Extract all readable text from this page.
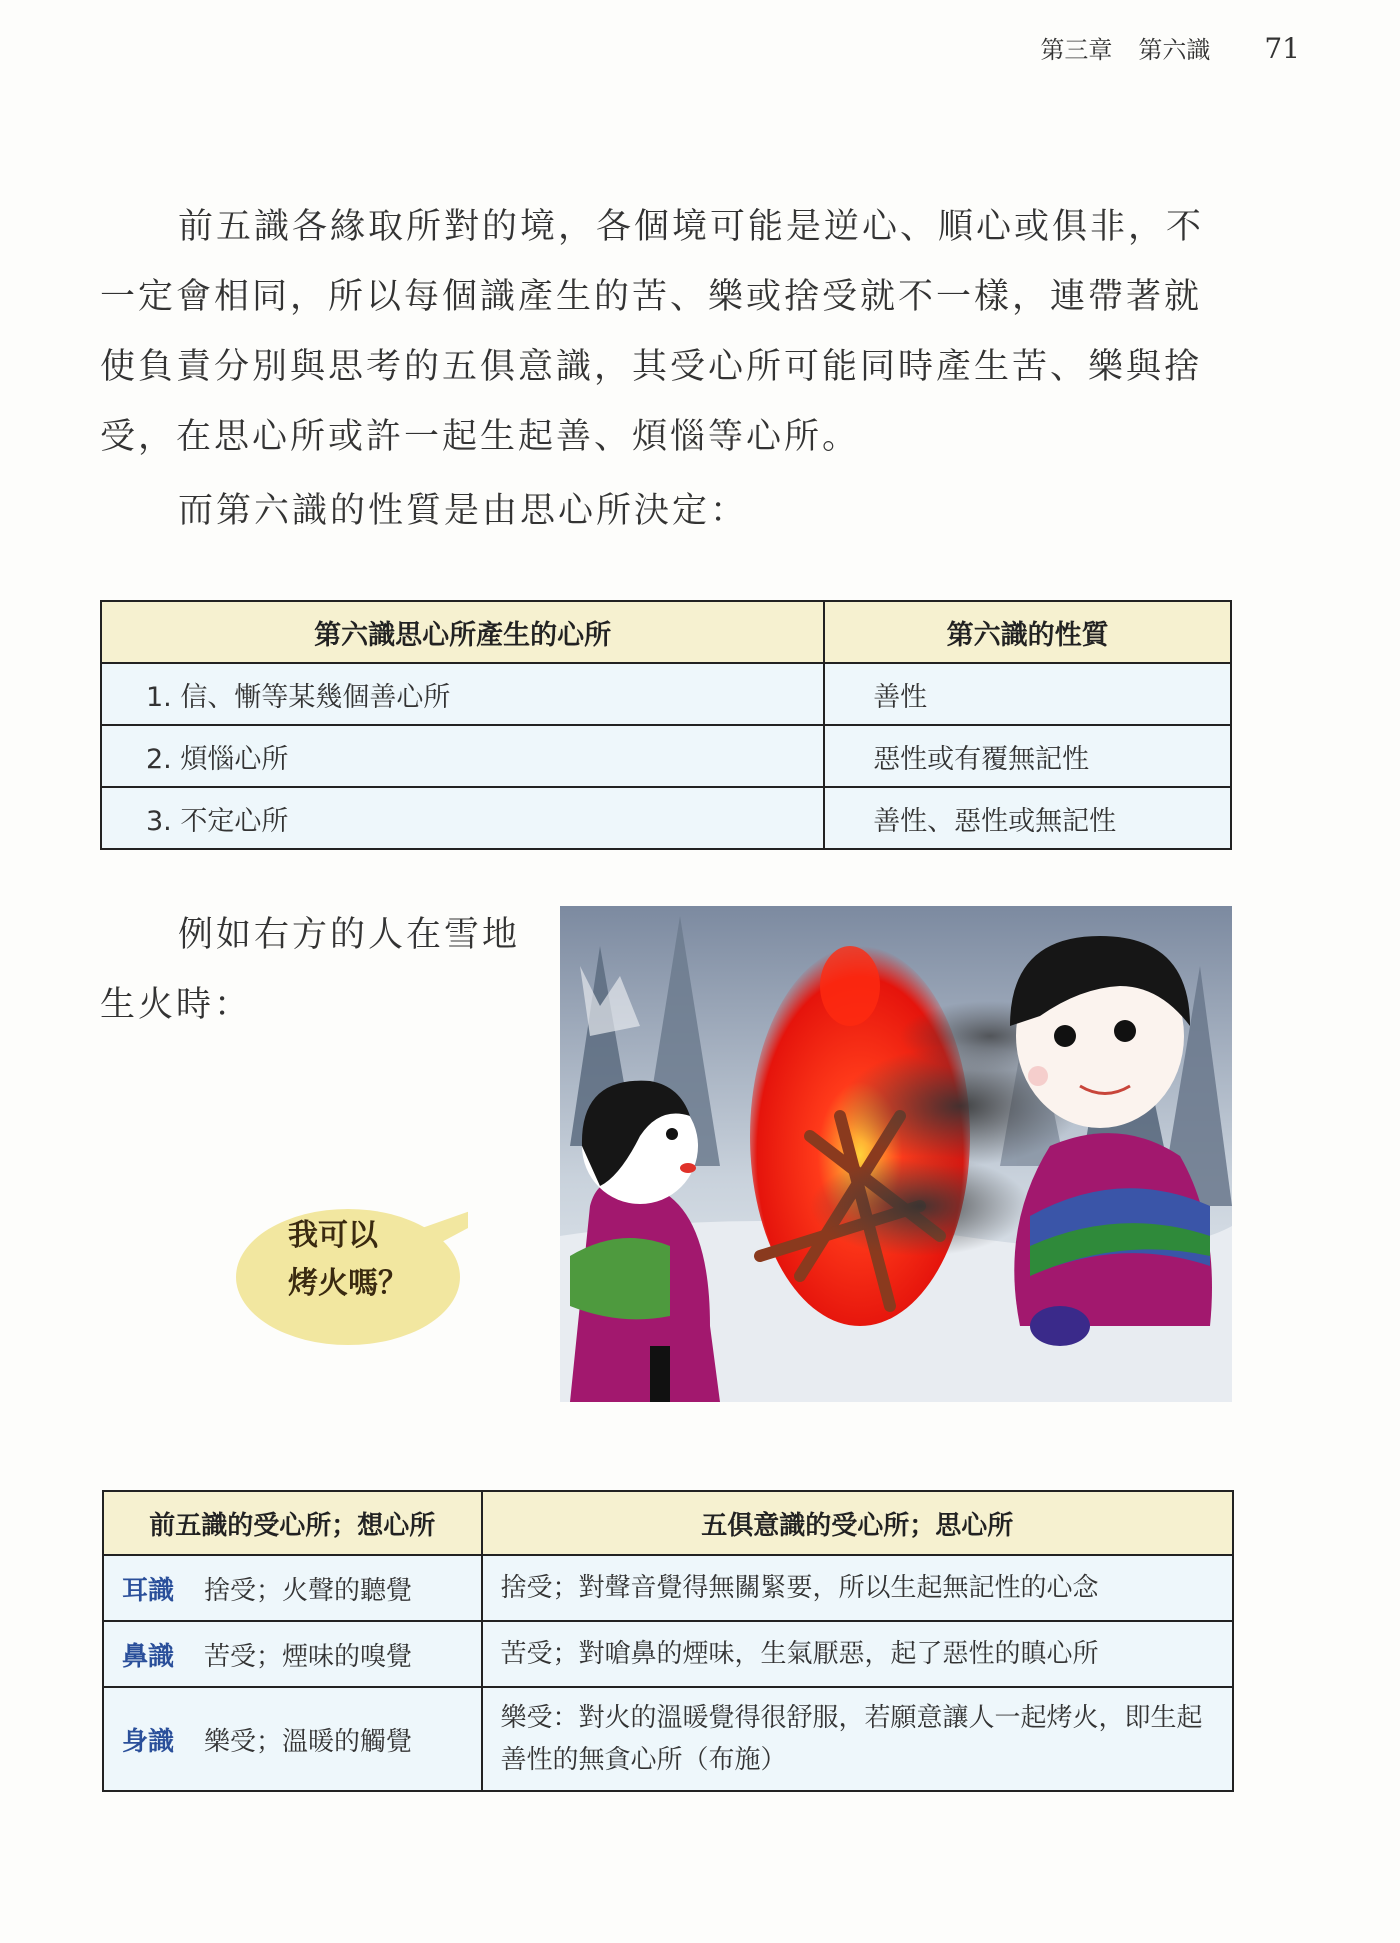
第三章 第六識 71

前五識各緣取所對的境，各個境可能是逆心、順心或俱非，不一定會相同，所以每個識產生的苦、樂或捨受就不一樣，連帶著就使負責分別與思考的五俱意識，其受心所可能同時產生苦、樂與捨受，在思心所或許一起生起善、煩惱等心所。

而第六識的性質是由思心所決定：

第六識思心所產生的心所	第六識的性質
1. 信、慚等某幾個善心所	善性
2. 煩惱心所	惡性或有覆無記性
3. 不定心所	善性、惡性或無記性

例如右方的人在雪地生火時：

我可以
烤火嗎？
前五識的受心所；想心所	五俱意識的受心所；思心所
耳識 捨受；火聲的聽覺	捨受；對聲音覺得無關緊要，所以生起無記性的心念
鼻識 苦受；煙味的嗅覺	苦受；對嗆鼻的煙味，生氣厭惡，起了惡性的瞋心所
身識 樂受；溫暖的觸覺	樂受：對火的溫暖覺得很舒服，若願意讓人一起烤火，即生起善性的無貪心所（布施）
